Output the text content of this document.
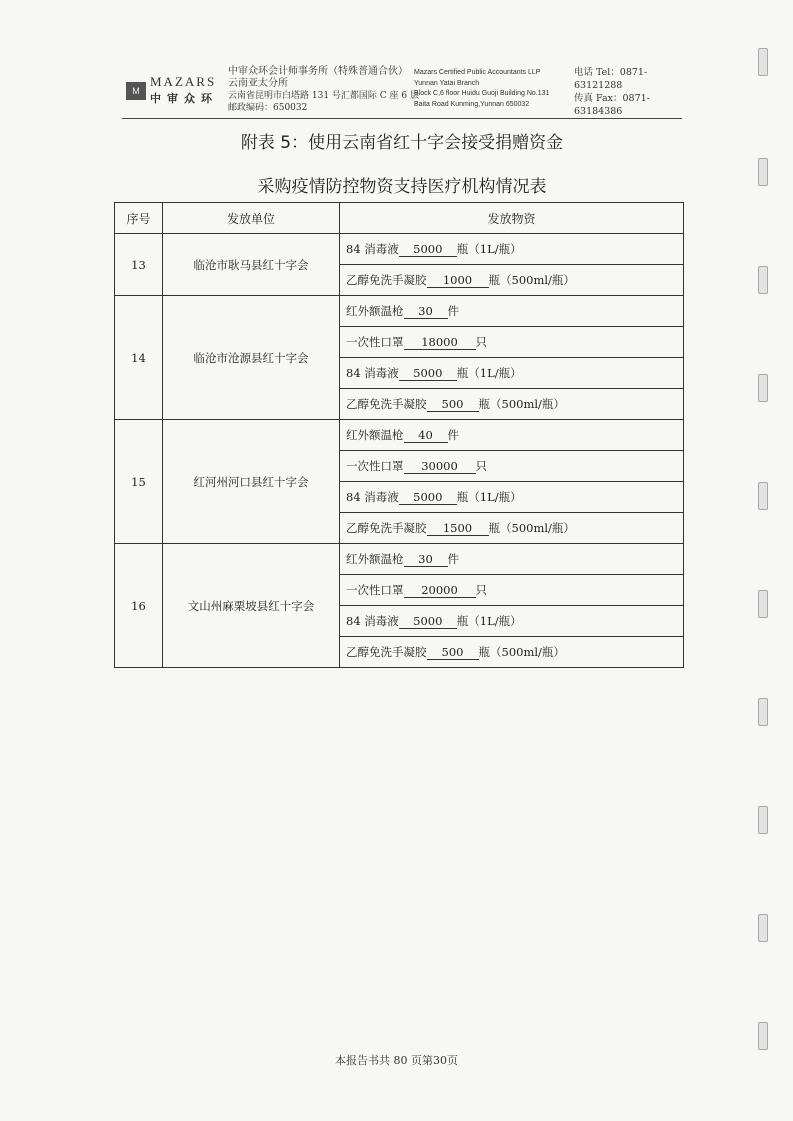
M
MAZARS
中审众环
中审众环会计师事务所（特殊普通合伙）
云南亚太分所
云南省昆明市白塔路 131 号汇都国际 C 座 6 层
邮政编码：650032
Mazars Certified Public Accountants LLP
Yunnan Yatai Branch
Block C,6 floor Huidu Guoji Building No.131
Baita Road Kunming,Yunnan 650032
电话 Tel：0871-63121288
传真 Fax：0871-63184386
附表 5：使用云南省红十字会接受捐赠资金
采购疫情防控物资支持医疗机构情况表
序号	发放单位	发放物资
13	临沧市耿马县红十字会	84 消毒液 5000 瓶（1L/瓶）
		乙醇免洗手凝胶 1000 瓶（500ml/瓶）
14	临沧市沧源县红十字会	红外额温枪 30 件
		一次性口罩 18000 只
		84 消毒液 5000 瓶（1L/瓶）
		乙醇免洗手凝胶 500 瓶（500ml/瓶）
15	红河州河口县红十字会	红外额温枪 40 件
		一次性口罩 30000 只
		84 消毒液 5000 瓶（1L/瓶）
		乙醇免洗手凝胶 1500 瓶（500ml/瓶）
16	文山州麻栗坡县红十字会	红外额温枪 30 件
		一次性口罩 20000 只
		84 消毒液 5000 瓶（1L/瓶）
		乙醇免洗手凝胶 500 瓶（500ml/瓶）
本报告书共 80 页第30页
